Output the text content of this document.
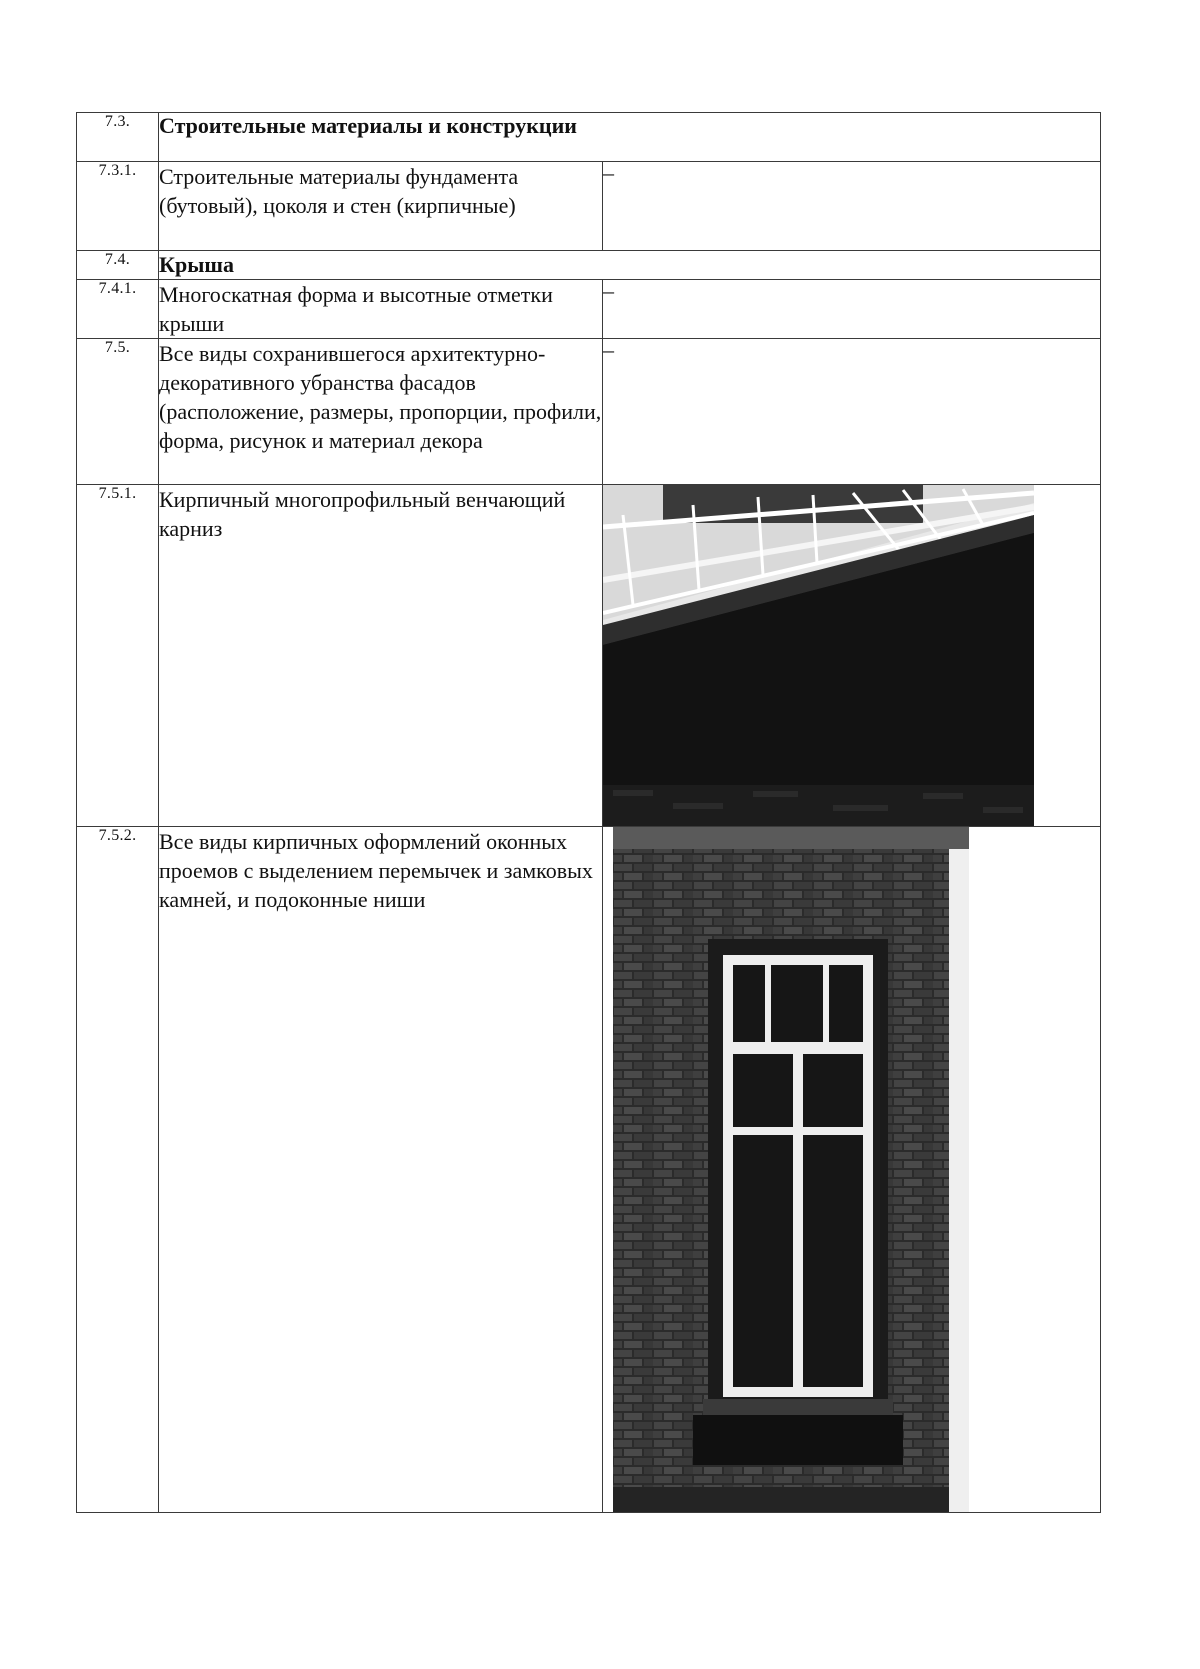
7.3.	Строительные материалы и конструкции	
7.3.1.	Строительные материалы фундамента (бутовый), цоколя и стен (кирпичные)	–
7.4.	Крыша	
7.4.1.	Многоскатная форма и высотные отметки крыши	–
7.5.	Все виды сохранившегося архитектурно-декоративного убранства фасадов (расположение, размеры, пропорции, профили, форма, рисунок и материал декора	–
7.5.1.	Кирпичный многопрофильный венчающий карниз	

7.5.2.	Все виды кирпичных оформлений оконных проемов с выделением перемычек и замковых камней, и подоконные ниши	
